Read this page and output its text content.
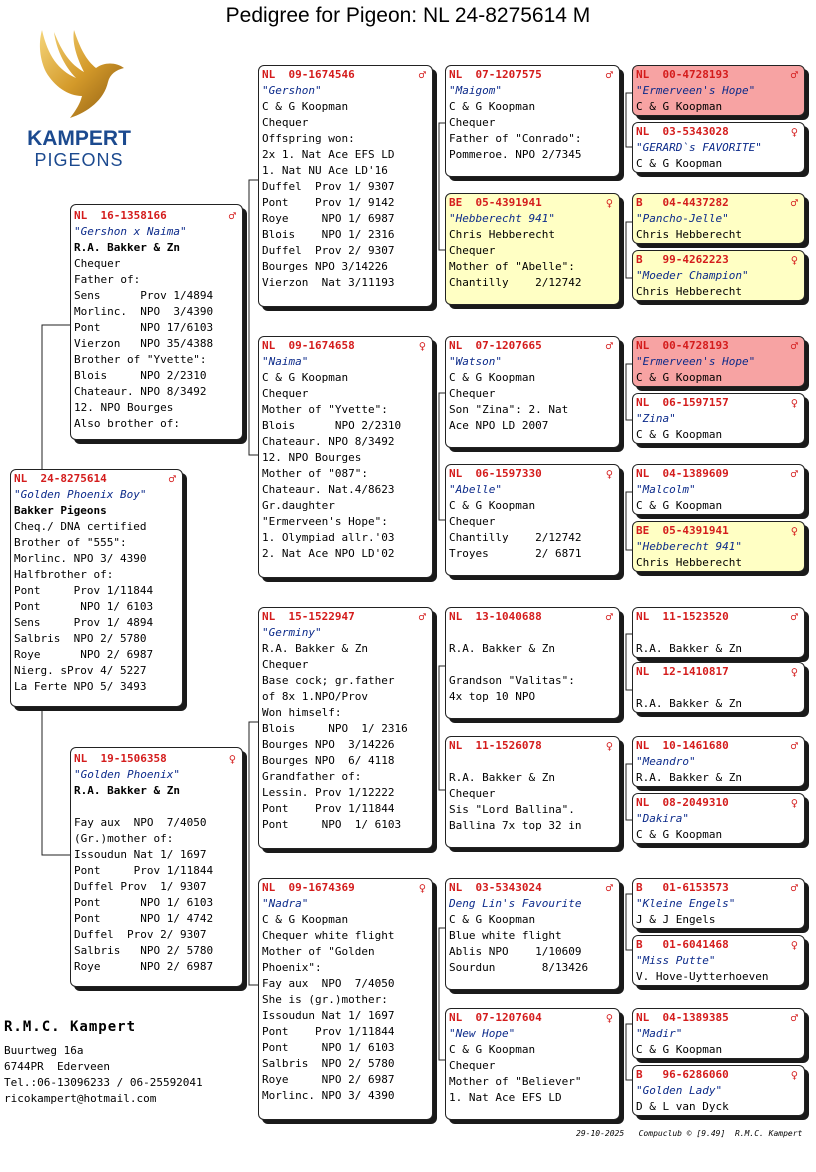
Pedigree for Pigeon: NL 24-8275614 M
KAMPERT
PIGEONS
NL  24-8275614	♂
"Golden Phoenix Boy"
Bakker Pigeons
Cheq./ DNA certified
Brother of "555":
Morlinc. NPO 3/ 4390
Halfbrother of:
Pont     Prov 1/11844
Pont      NPO 1/ 6103
Sens     Prov 1/ 4894
Salbris  NPO 2/ 5780
Roye      NPO 2/ 6987
Nierg. sProv 4/ 5227
La Ferte NPO 5/ 3493
NL  16-1358166	♂
"Gershon x Naima"
R.A. Bakker & Zn
Chequer
Father of:
Sens      Prov 1/4894
Morlinc.  NPO  3/4390
Pont      NPO 17/6103
Vierzon   NPO 35/4388
Brother of "Yvette":
Blois     NPO 2/2310
Chateaur. NPO 8/3492
12. NPO Bourges
Also brother of:
NL  19-1506358	♀
"Golden Phoenix"
R.A. Bakker & Zn
Fay aux  NPO  7/4050
(Gr.)mother of:
Issoudun Nat 1/ 1697
Pont     Prov 1/11844
Duffel Prov  1/ 9307
Pont      NPO 1/ 6103
Pont      NPO 1/ 4742
Duffel  Prov 2/ 9307
Salbris   NPO 2/ 5780
Roye      NPO 2/ 6987
R.M.C. Kampert
Buurtweg 16a
6744PR  Ederveen
Tel.:06-13096233 / 06-25592041
ricokampert@hotmail.com
29-10-2025   Compuclub © [9.49]  R.M.C. Kampert
NL  09-1674546	♂
"Gershon"
C & G Koopman
Chequer
Offspring won:
2x 1. Nat Ace EFS LD
1. Nat NU Ace LD'16
Duffel  Prov 1/ 9307
Pont    Prov 1/ 9142
Roye     NPO 1/ 6987
Blois    NPO 1/ 2316
Duffel  Prov 2/ 9307
Bourges NPO 3/14226
Vierzon  Nat 3/11193
NL  09-1674658	♀
"Naima"
C & G Koopman
Chequer
Mother of "Yvette":
Blois      NPO 2/2310
Chateaur. NPO 8/3492
12. NPO Bourges
Mother of "087":
Chateaur. Nat.4/8623
Gr.daughter
"Ermerveen's Hope":
1. Olympiad allr.'03
2. Nat Ace NPO LD'02
NL  15-1522947	♂
"Germiny"
R.A. Bakker & Zn
Chequer
Base cock; gr.father
of 8x 1.NPO/Prov
Won himself:
Blois     NPO  1/ 2316
Bourges NPO  3/14226
Bourges NPO  6/ 4118
Grandfather of:
Lessin. Prov 1/12222
Pont    Prov 1/11844
Pont     NPO  1/ 6103
NL  09-1674369	♀
"Nadra"
C & G Koopman
Chequer white flight
Mother of "Golden
Phoenix":
Fay aux  NPO  7/4050
She is (gr.)mother:
Issoudun Nat 1/ 1697
Pont    Prov 1/11844
Pont     NPO 1/ 6103
Salbris  NPO 2/ 5780
Roye     NPO 2/ 6987
Morlinc. NPO 3/ 4390
NL  07-1207575	♂
"Maigom"
C & G Koopman
Chequer
Father of "Conrado":
Pommeroe. NPO 2/7345
BE  05-4391941	♀
"Hebberecht 941"
Chris Hebberecht
Chequer
Mother of "Abelle":
Chantilly    2/12742
NL  07-1207665	♂
"Watson"
C & G Koopman
Chequer
Son "Zina": 2. Nat
Ace NPO LD 2007
NL  06-1597330	♀
"Abelle"
C & G Koopman
Chequer
Chantilly    2/12742
Troyes       2/ 6871
NL  13-1040688	♂
R.A. Bakker & Zn
Grandson "Valitas":
4x top 10 NPO
NL  11-1526078	♀
R.A. Bakker & Zn
Chequer
Sis "Lord Ballina".
Ballina 7x top 32 in
NL  03-5343024	♂
Deng Lin's Favourite
C & G Koopman
Blue white flight
Ablis NPO    1/10609
Sourdun       8/13426
NL  07-1207604	♀
"New Hope"
C & G Koopman
Chequer
Mother of "Believer"
1. Nat Ace EFS LD
NL  00-4728193	♂
"Ermerveen's Hope"
C & G Koopman
NL  03-5343028	♀
"GERARD`s FAVORITE"
C & G Koopman
B   04-4437282	♂
"Pancho-Jelle"
Chris Hebberecht
B   99-4262223	♀
"Moeder Champion"
Chris Hebberecht
NL  00-4728193	♂
"Ermerveen's Hope"
C & G Koopman
NL  06-1597157	♀
"Zina"
C & G Koopman
NL  04-1389609	♂
"Malcolm"
C & G Koopman
BE  05-4391941	♀
"Hebberecht 941"
Chris Hebberecht
NL  11-1523520	♂
R.A. Bakker & Zn
NL  12-1410817	♀
R.A. Bakker & Zn
NL  10-1461680	♂
"Meandro"
R.A. Bakker & Zn
NL  08-2049310	♀
"Dakira"
C & G Koopman
B   01-6153573	♂
"Kleine Engels"
J & J Engels
B   01-6041468	♀
"Miss Putte"
V. Hove-Uytterhoeven
NL  04-1389385	♂
"Madir"
C & G Koopman
B   96-6286060	♀
"Golden Lady"
D & L van Dyck
